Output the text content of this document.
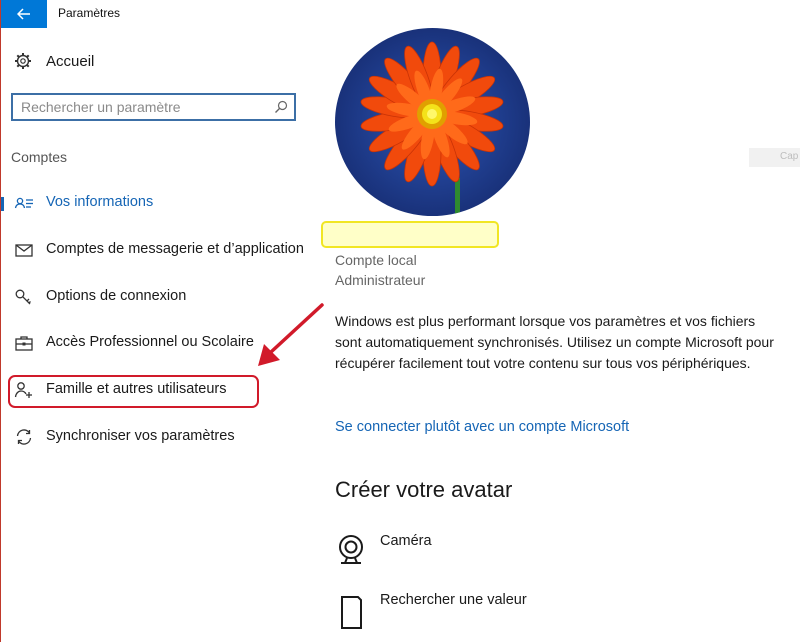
Paramètres
Accueil
Rechercher un paramètre
Comptes
Vos informations
Comptes de messagerie et d’application
Options de connexion
Accès Professionnel ou Scolaire
Famille et autres utilisateurs
Synchroniser vos paramètres
Compte local
Administrateur
Windows est plus performant lorsque vos paramètres et vos fichiers sont automatiquement synchronisés. Utilisez un compte Microsoft pour récupérer facilement tout votre contenu sur tous vos périphériques.
Se connecter plutôt avec un compte Microsoft
Créer votre avatar
Caméra
Rechercher une valeur
Cap
